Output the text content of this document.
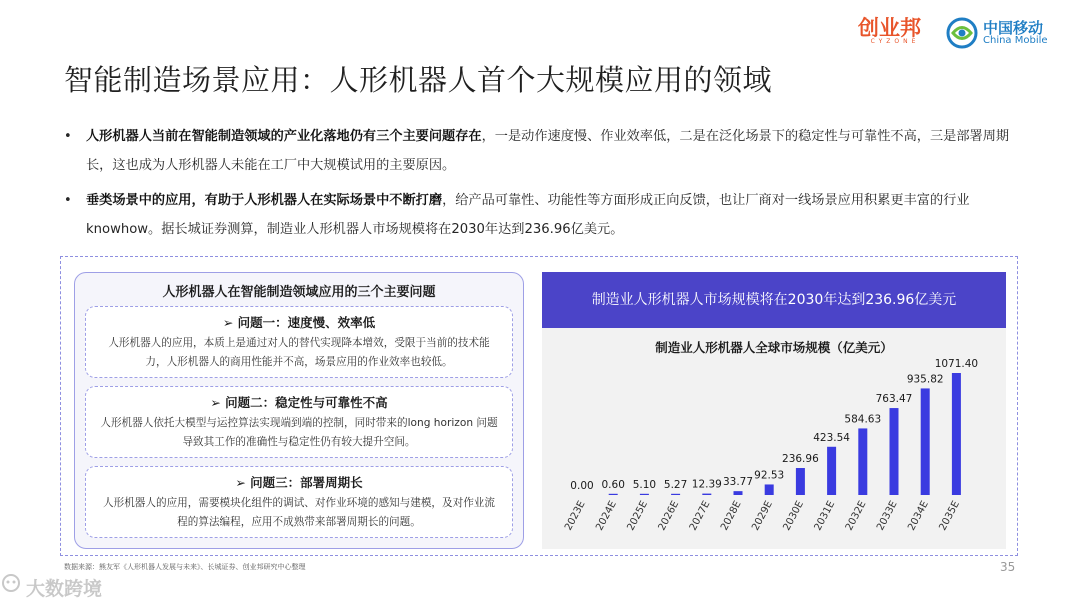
创业邦
CYZONE
中国移动
China Mobile
智能制造场景应用：人形机器人首个大规模应用的领域
• 人形机器人当前在智能制造领域的产业化落地仍有三个主要问题存在，一是动作速度慢、作业效率低，二是在泛化场景下的稳定性与可靠性不高，三是部署周期长，这也成为人形机器人未能在工厂中大规模试用的主要原因。
• 垂类场景中的应用，有助于人形机器人在实际场景中不断打磨，给产品可靠性、功能性等方面形成正向反馈，也让厂商对一线场景应用积累更丰富的行业knowhow。据长城证券测算，制造业人形机器人市场规模将在2030年达到236.96亿美元。
人形机器人在智能制造领域应用的三个主要问题
➢ 问题一：速度慢、效率低
人形机器人的应用，本质上是通过对人的替代实现降本增效，受限于当前的技术能力，人形机器人的商用性能并不高，场景应用的作业效率也较低。
➢ 问题二：稳定性与可靠性不高
人形机器人依托大模型与运控算法实现端到端的控制，同时带来的long horizon 问题导致其工作的准确性与稳定性仍有较大提升空间。
➢ 问题三：部署周期长
人形机器人的应用，需要模块化组件的调试、对作业环境的感知与建模，及对作业流程的算法编程，应用不成熟带来部署周期长的问题。
制造业人形机器人市场规模将在2030年达到236.96亿美元
制造业人形机器人全球市场规模（亿美元）
0.00
2023E
0.60
2024E
5.10
2025E
5.27
2026E
12.39
2027E
33.77
2028E
92.53
2029E
236.96
2030E
423.54
2031E
584.63
2032E
763.47
2033E
935.82
2034E
1071.40
2035E
数据来源：熊友军《人形机器人发展与未来》、长城证券、创业邦研究中心整理	35
大数跨境
